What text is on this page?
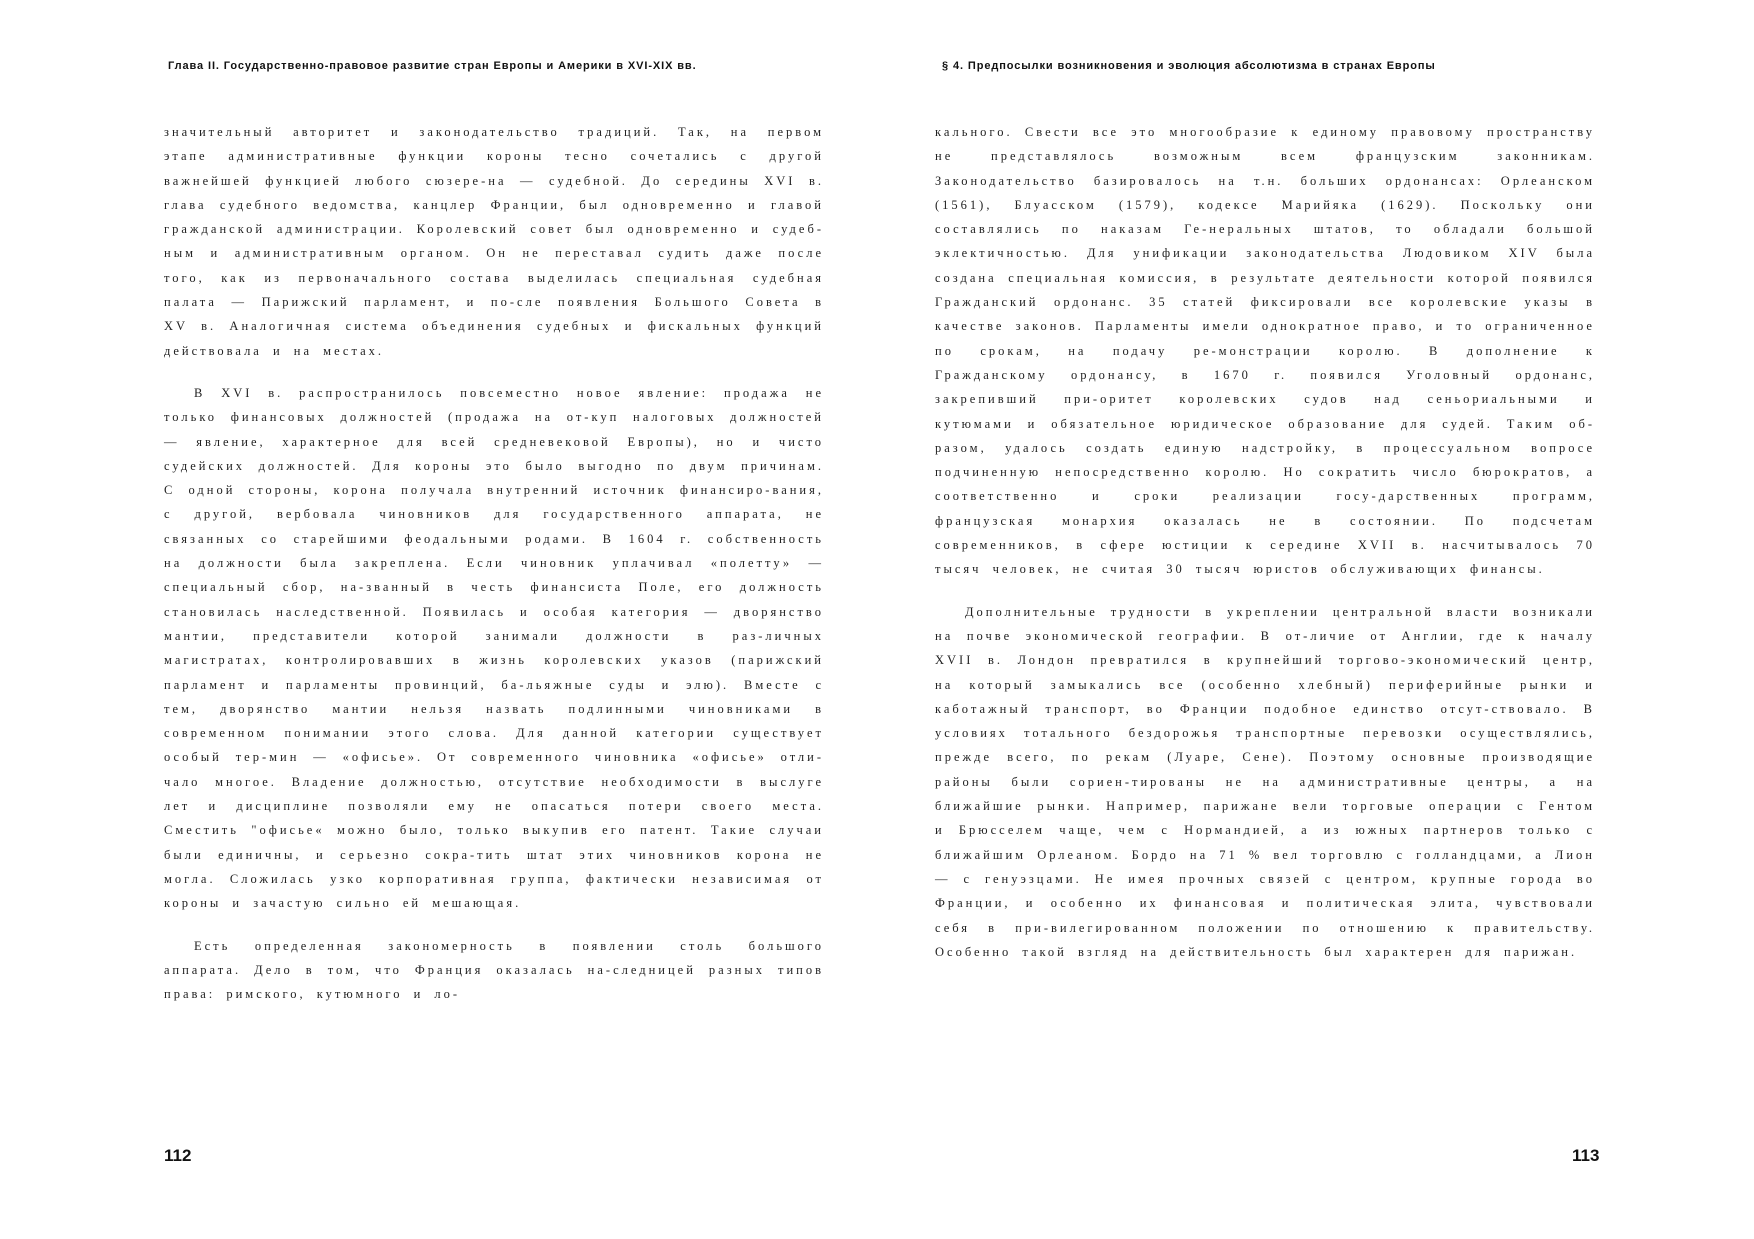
Глава II. Государственно-правовое развитие стран Европы и Америки в XVI-XIX вв.

значительный авторитет и законодательство традиций. Так, на первом этапе административные функции короны тесно сочетались с другой важнейшей функцией любого сюзере-на — судебной. До середины XVI в. глава судебного ведомства, канцлер Франции, был одновременно и главой гражданской администрации. Королевский совет был одновременно и судеб-ным и административным органом. Он не переставал судить даже после того, как из первоначального состава выделилась специальная судебная палата — Парижский парламент, и по-сле появления Большого Совета в XV в. Аналогичная система объединения судебных и фискальных функций действовала и на местах.

В XVI в. распространилось повсеместно новое явление: продажа не только финансовых должностей (продажа на от-куп налоговых должностей — явление, характерное для всей средневековой Европы), но и чисто судейских должностей. Для короны это было выгодно по двум причинам. С одной стороны, корона получала внутренний источник финансиро-вания, с другой, вербовала чиновников для государственного аппарата, не связанных со старейшими феодальными родами. В 1604 г. собственность на должности была закреплена. Если чиновник уплачивал «полетту» — специальный сбор, на-званный в честь финансиста Поле, его должность становилась наследственной. Появилась и особая категория — дворянство мантии, представители которой занимали должности в раз-личных магистратах, контролировавших в жизнь королевских указов (парижский парламент и парламенты провинций, ба-льяжные суды и элю). Вместе с тем, дворянство мантии нельзя назвать подлинными чиновниками в современном понимании этого слова. Для данной категории существует особый тер-мин — «офисье». От современного чиновника «офисье» отли-чало многое. Владение должностью, отсутствие необходимости в выслуге лет и дисциплине позволяли ему не опасаться потери своего места. Сместить "офисье« можно было, только выкупив его патент. Такие случаи были единичны, и серьезно сокра-тить штат этих чиновников корона не могла. Сложилась узко корпоративная группа, фактически независимая от короны и зачастую сильно ей мешающая.

Есть определенная закономерность в появлении столь большого аппарата. Дело в том, что Франция оказалась на-следницей разных типов права: римского, кутюмного и ло-

112
§ 4. Предпосылки возникновения и эволюция абсолютизма в странах Европы

кального. Свести все это многообразие к единому правовому пространству не представлялось возможным всем французским законникам. Законодательство базировалось на т.н. больших ордонансах: Орлеанском (1561), Блуасском (1579), кодексе Марийяка (1629). Поскольку они составлялись по наказам Ге-неральных штатов, то обладали большой эклектичностью. Для унификации законодательства Людовиком XIV была создана специальная комиссия, в результате деятельности которой появился Гражданский ордонанс. 35 статей фиксировали все королевские указы в качестве законов. Парламенты имели однократное право, и то ограниченное по срокам, на подачу ре-монстрации королю. В дополнение к Гражданскому ордонансу, в 1670 г. появился Уголовный ордонанс, закрепивший при-оритет королевских судов над сеньориальными и кутюмами и обязательное юридическое образование для судей. Таким об-разом, удалось создать единую надстройку, в процессуальном вопросе подчиненную непосредственно королю. Но сократить число бюрократов, а соответственно и сроки реализации госу-дарственных программ, французская монархия оказалась не в состоянии. По подсчетам современников, в сфере юстиции к середине XVII в. насчитывалось 70 тысяч человек, не считая 30 тысяч юристов обслуживающих финансы.

Дополнительные трудности в укреплении центральной власти возникали на почве экономической географии. В от-личие от Англии, где к началу XVII в. Лондон превратился в крупнейший торгово-экономический центр, на который замыкались все (особенно хлебный) периферийные рынки и каботажный транспорт, во Франции подобное единство отсут-ствовало. В условиях тотального бездорожья транспортные перевозки осуществлялись, прежде всего, по рекам (Луаре, Сене). Поэтому основные производящие районы были сориен-тированы не на административные центры, а на ближайшие рынки. Например, парижане вели торговые операции с Гентом и Брюсселем чаще, чем с Нормандией, а из южных партнеров только с ближайшим Орлеаном. Бордо на 71 % вел торговлю с голландцами, а Лион — с генуэзцами. Не имея прочных связей с центром, крупные города во Франции, и особенно их финансовая и политическая элита, чувствовали себя в при-вилегированном положении по отношению к правительству. Особенно такой взгляд на действительность был характерен для парижан.

113
